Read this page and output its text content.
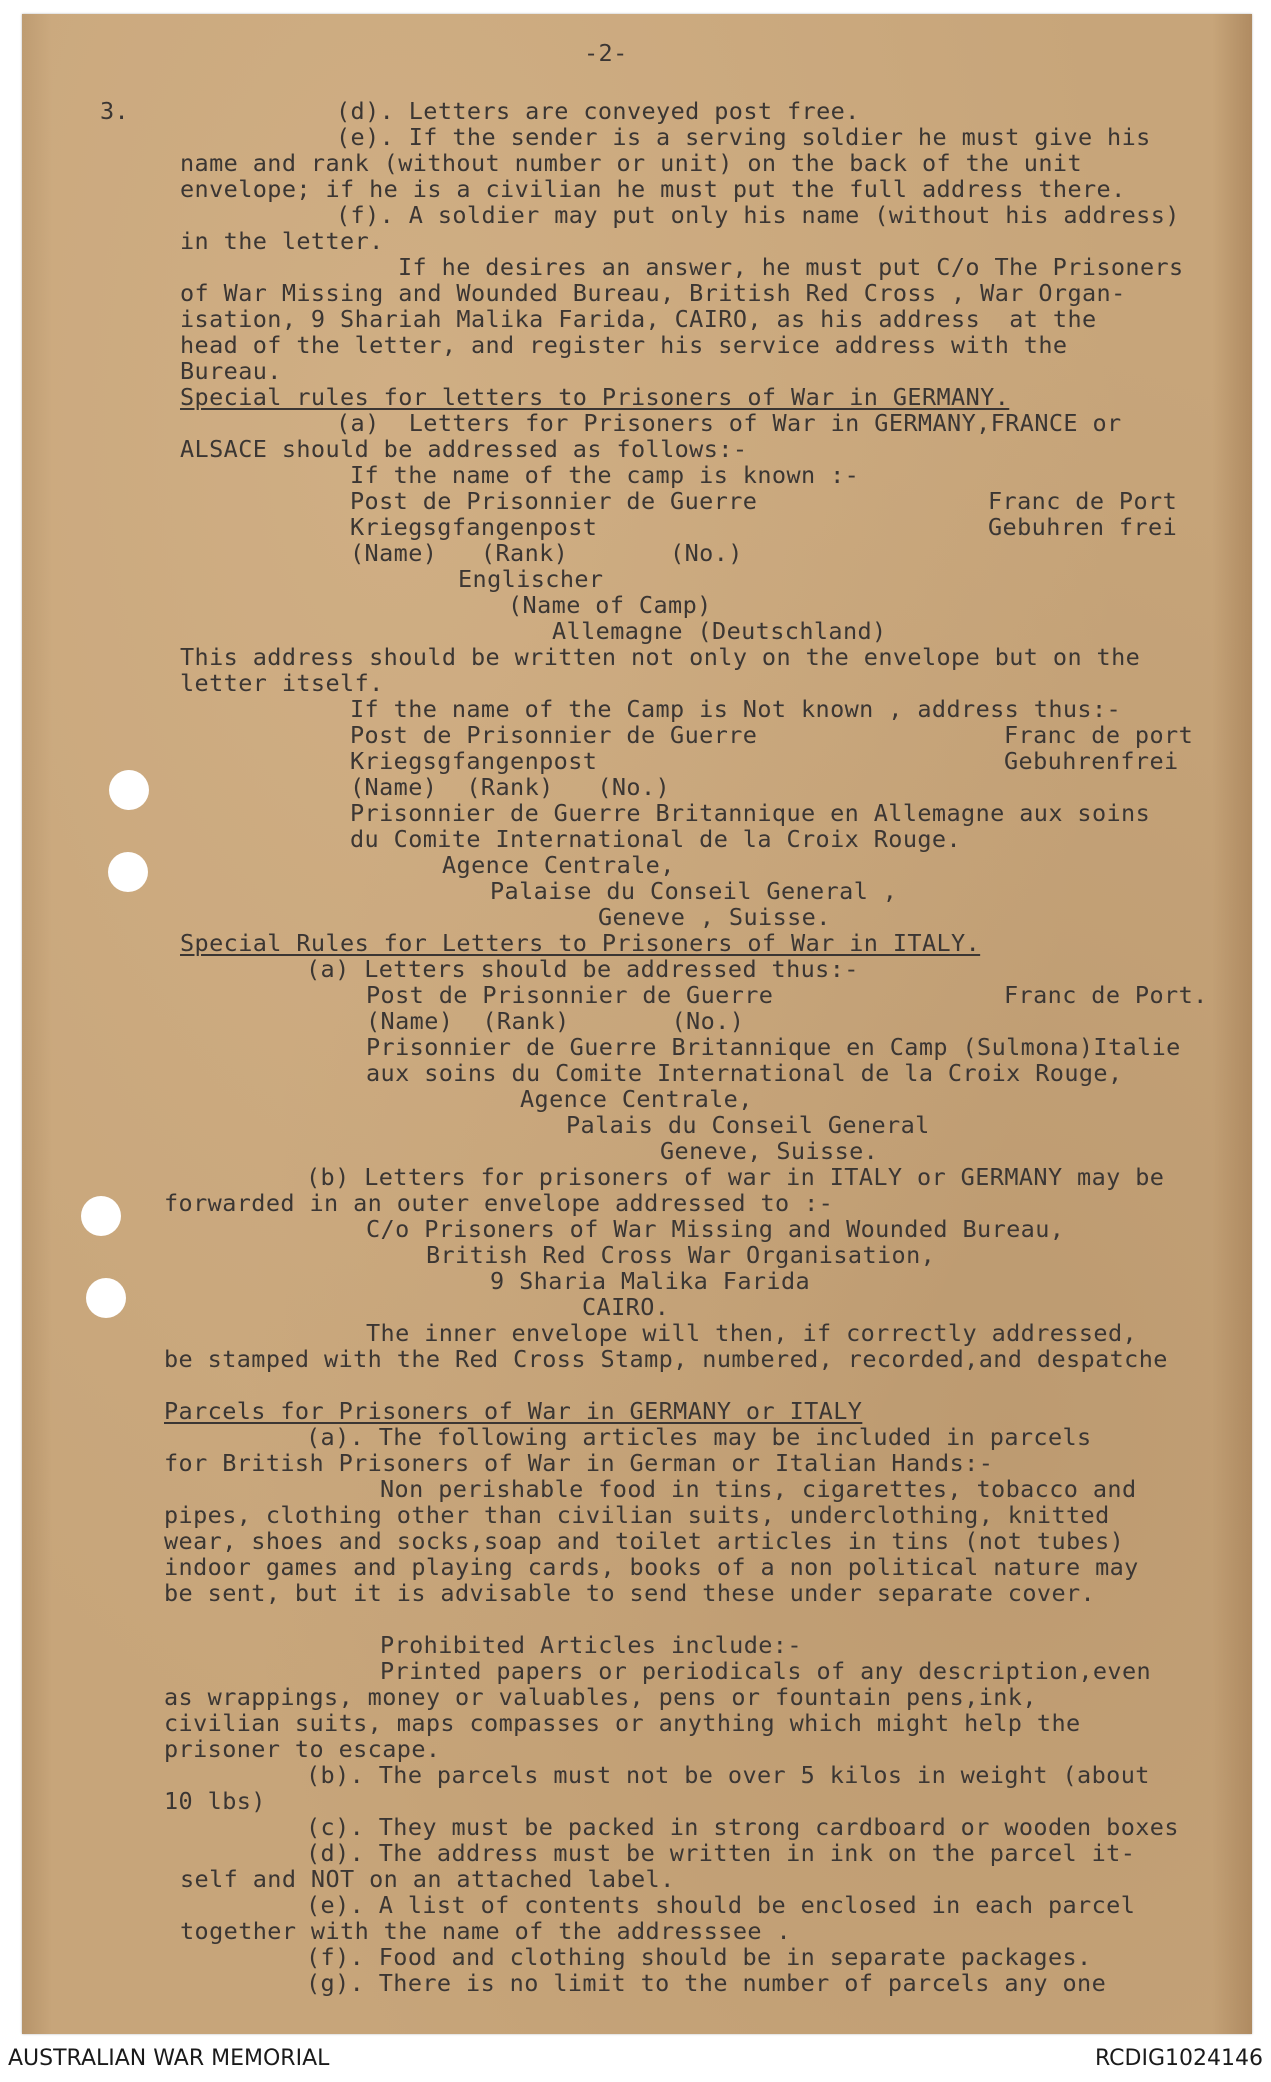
-2-
3.	(d). Letters are conveyed post free.
(e). If the sender is a serving soldier he must give his
name and rank (without number or unit) on the back of the unit
envelope; if he is a civilian he must put the full address there.
(f). A soldier may put only his name (without his address)
in the letter.
If he desires an answer, he must put C/o The Prisoners
of War Missing and Wounded Bureau, British Red Cross , War Organ-
isation, 9 Shariah Malika Farida, CAIRO, as his address  at the
head of the letter, and register his service address with the
Bureau.
Special rules for letters to Prisoners of War in GERMANY.
(a)  Letters for Prisoners of War in GERMANY,FRANCE or
ALSACE should be addressed as follows:-
If the name of the camp is known :-
Post de Prisonnier de Guerre	Franc de Port
Kriegsgfangenpost	Gebuhren frei
(Name)   (Rank)       (No.)
Englischer
(Name of Camp)
Allemagne (Deutschland)
This address should be written not only on the envelope but on the
letter itself.
If the name of the Camp is Not known , address thus:-
Post de Prisonnier de Guerre	Franc de port
Kriegsgfangenpost	Gebuhrenfrei
(Name)  (Rank)   (No.)
Prisonnier de Guerre Britannique en Allemagne aux soins
du Comite International de la Croix Rouge.
Agence Centrale,
Palaise du Conseil General ,
Geneve , Suisse.
Special Rules for Letters to Prisoners of War in ITALY.
(a) Letters should be addressed thus:-
Post de Prisonnier de Guerre	Franc de Port.
(Name)  (Rank)       (No.)
Prisonnier de Guerre Britannique en Camp (Sulmona)Italie
aux soins du Comite International de la Croix Rouge,
Agence Centrale,
Palais du Conseil General
Geneve, Suisse.
(b) Letters for prisoners of war in ITALY or GERMANY may be
forwarded in an outer envelope addressed to :-
C/o Prisoners of War Missing and Wounded Bureau,
British Red Cross War Organisation,
9 Sharia Malika Farida
CAIRO.
The inner envelope will then, if correctly addressed,
be stamped with the Red Cross Stamp, numbered, recorded,and despatche
Parcels for Prisoners of War in GERMANY or ITALY
(a). The following articles may be included in parcels
for British Prisoners of War in German or Italian Hands:-
Non perishable food in tins, cigarettes, tobacco and
pipes, clothing other than civilian suits, underclothing, knitted
wear, shoes and socks,soap and toilet articles in tins (not tubes)
indoor games and playing cards, books of a non political nature may
be sent, but it is advisable to send these under separate cover.
Prohibited Articles include:-
Printed papers or periodicals of any description,even
as wrappings, money or valuables, pens or fountain pens,ink,
civilian suits, maps compasses or anything which might help the
prisoner to escape.
(b). The parcels must not be over 5 kilos in weight (about
10 lbs)
(c). They must be packed in strong cardboard or wooden boxes
(d). The address must be written in ink on the parcel it-
self and NOT on an attached label.
(e). A list of contents should be enclosed in each parcel
together with the name of the addresssee .
(f). Food and clothing should be in separate packages.
(g). There is no limit to the number of parcels any one
AUSTRALIAN WAR MEMORIAL	RCDIG1024146
